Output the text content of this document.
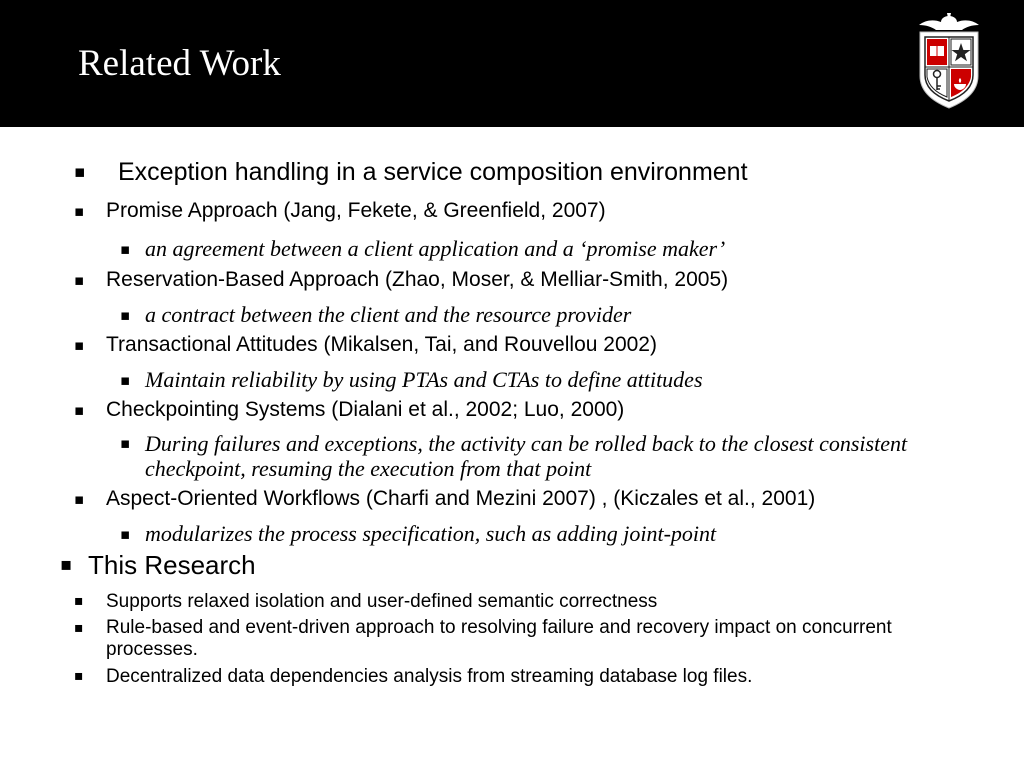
Related Work
▪ Exception handling in a service composition environment
▪ Promise Approach (Jang, Fekete, & Greenfield, 2007)
▪ an agreement between a client application and a ‘promise maker’
▪ Reservation-Based Approach (Zhao, Moser, & Melliar-Smith, 2005)
▪ a contract between the client and the resource provider
▪ Transactional Attitudes (Mikalsen, Tai, and Rouvellou 2002)
▪ Maintain reliability by using PTAs and CTAs to define attitudes
▪ Checkpointing Systems (Dialani et al., 2002; Luo, 2000)
▪ During failures and exceptions, the activity can be rolled back to the closest consistent checkpoint, resuming the execution from that point
▪ Aspect-Oriented Workflows (Charfi and Mezini 2007) , (Kiczales et al., 2001)
▪ modularizes the process specification, such as adding joint-point
▪ This Research
▪ Supports relaxed isolation and user-defined semantic correctness
▪ Rule-based and event-driven approach to resolving failure and recovery impact on concurrent processes.
▪ Decentralized data dependencies analysis from streaming database log files.
